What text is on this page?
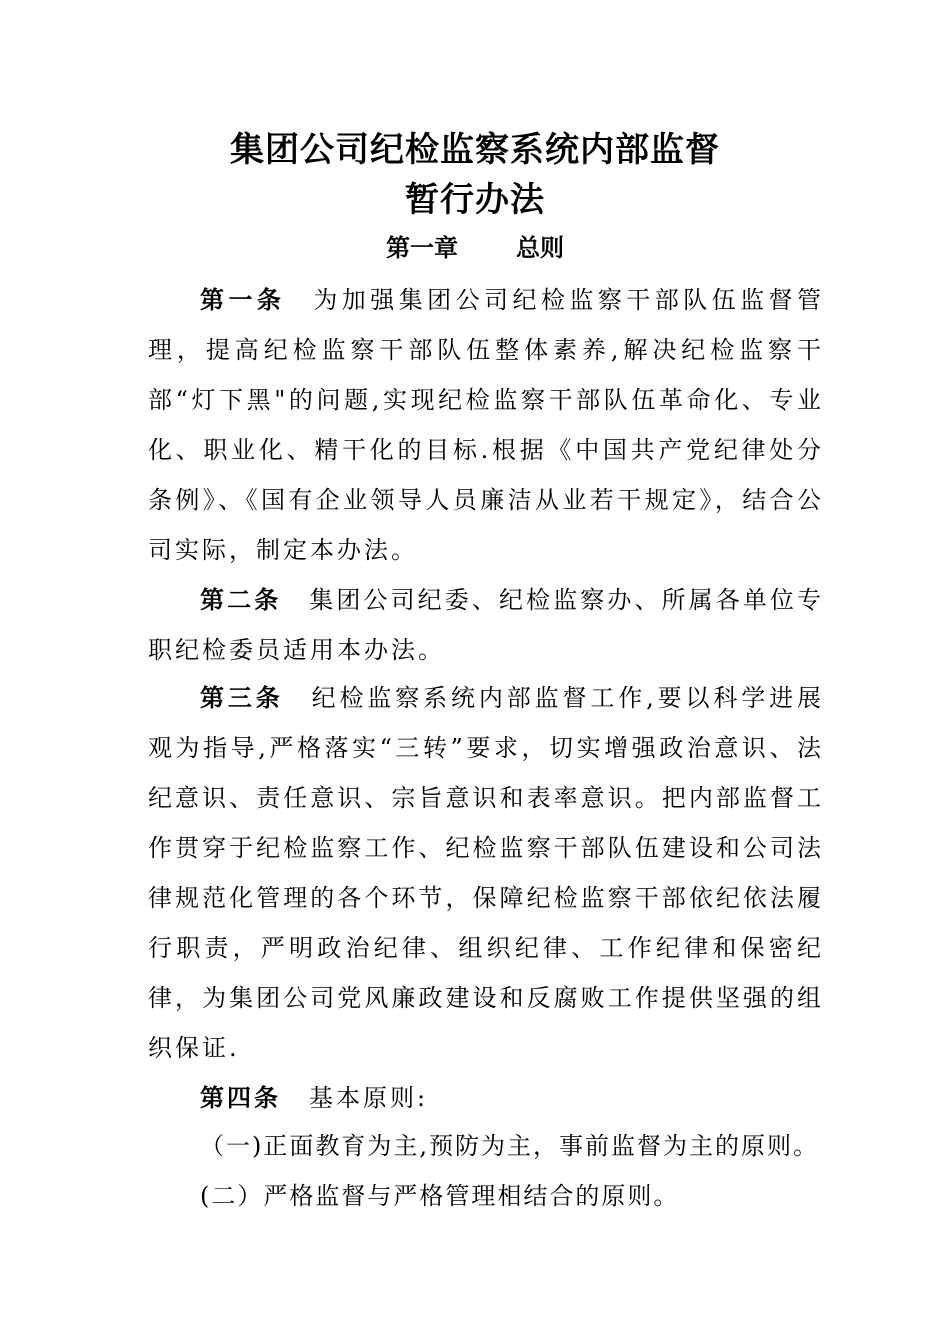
集团公司纪检监察系统内部监督
暂行办法
第一章 总则

第一条 为加强集团公司纪检监察干部队伍监督管理，提高纪检监察干部队伍整体素养,解决纪检监察干部“灯下黑"的问题,实现纪检监察干部队伍革命化、专业化、职业化、精干化的目标.根据《中国共产党纪律处分条例》、《国有企业领导人员廉洁从业若干规定》，结合公司实际，制定本办法。

第二条 集团公司纪委、纪检监察办、所属各单位专职纪检委员适用本办法。

第三条 纪检监察系统内部监督工作,要以科学进展观为指导,严格落实“三转”要求，切实增强政治意识、法纪意识、责任意识、宗旨意识和表率意识。把内部监督工作贯穿于纪检监察工作、纪检监察干部队伍建设和公司法律规范化管理的各个环节，保障纪检监察干部依纪依法履行职责，严明政治纪律、组织纪律、工作纪律和保密纪律，为集团公司党风廉政建设和反腐败工作提供坚强的组织保证.

第四条 基本原则:

（一)正面教育为主,预防为主，事前监督为主的原则。
(二）严格监督与严格管理相结合的原则。
